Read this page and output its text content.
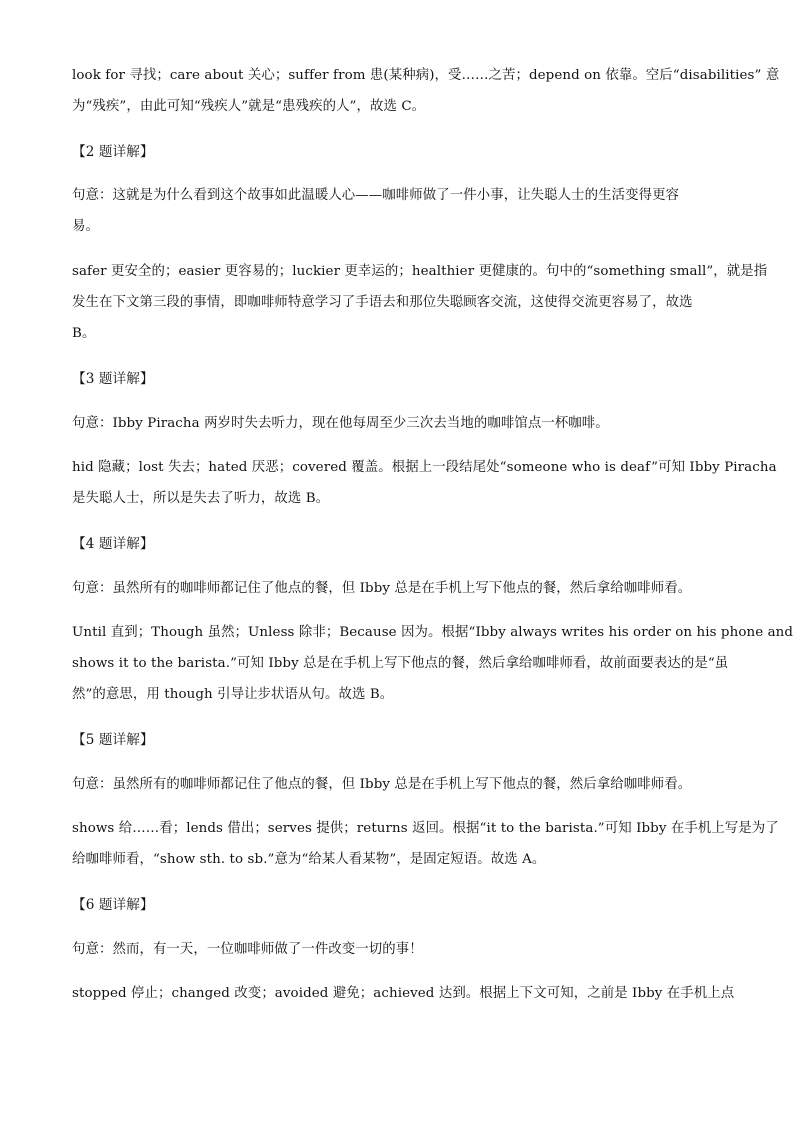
look for 寻找；care about 关心；suffer from 患(某种病)，受……之苦；depend on 依靠。空后“disabilities” 意
为“残疾”，由此可知“残疾人”就是“患残疾的人”，故选 C。
【2 题详解】
句意：这就是为什么看到这个故事如此温暖人心——咖啡师做了一件小事，让失聪人士的生活变得更容
易。
safer 更安全的；easier 更容易的；luckier 更幸运的；healthier 更健康的。句中的“something small”，就是指
发生在下文第三段的事情，即咖啡师特意学习了手语去和那位失聪顾客交流，这使得交流更容易了，故选
B。
【3 题详解】
句意：Ibby Piracha 两岁时失去听力，现在他每周至少三次去当地的咖啡馆点一杯咖啡。
hid 隐藏；lost 失去；hated 厌恶；covered 覆盖。根据上一段结尾处“someone who is deaf”可知 Ibby Piracha
是失聪人士，所以是失去了听力，故选 B。
【4 题详解】
句意：虽然所有的咖啡师都记住了他点的餐，但 Ibby 总是在手机上写下他点的餐，然后拿给咖啡师看。
Until 直到；Though 虽然；Unless 除非；Because 因为。根据“Ibby always writes his order on his phone and
shows it to the barista.”可知 Ibby 总是在手机上写下他点的餐，然后拿给咖啡师看，故前面要表达的是“虽
然”的意思，用 though 引导让步状语从句。故选 B。
【5 题详解】
句意：虽然所有的咖啡师都记住了他点的餐，但 Ibby 总是在手机上写下他点的餐，然后拿给咖啡师看。
shows 给……看；lends 借出；serves 提供；returns 返回。根据“it to the barista.”可知 Ibby 在手机上写是为了
给咖啡师看，“show sth. to sb.”意为“给某人看某物”，是固定短语。故选 A。
【6 题详解】
句意：然而，有一天，一位咖啡师做了一件改变一切的事！
stopped 停止；changed 改变；avoided 避免；achieved 达到。根据上下文可知，之前是 Ibby 在手机上点
